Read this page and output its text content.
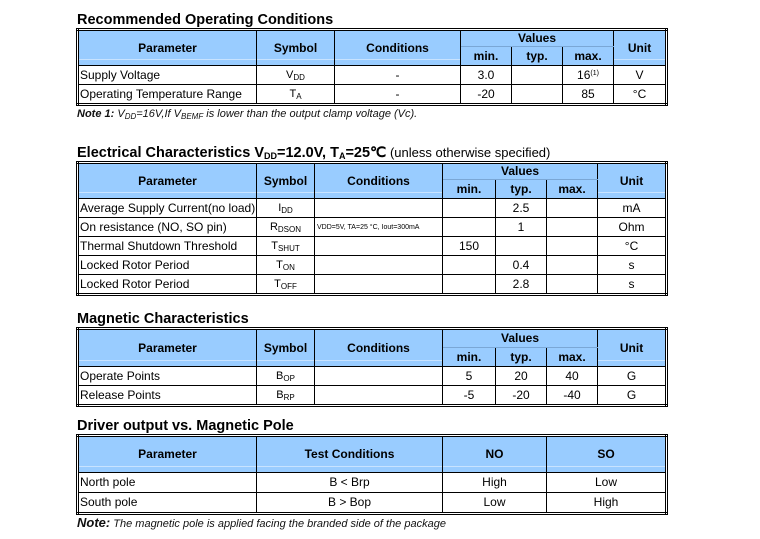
Recommended Operating Conditions
Parameter	Symbol	Conditions	Values			Unit
			min.	typ.	max.	
Supply Voltage	$V_{DD}$	-	3.0		16$^{(1)}$	V
Operating Temperature Range	$T_A$	-	-20		85	°C
Note 1: $V_{DD}=16V,If$ $V_{BEMF}$ is lower than the output clamp voltage (Vc).
Electrical Characteristics $V_{DD}=12.0V$, $T_A=25℃$ (unless otherwise specified)
Parameter	Symbol	Conditions	Values			Unit
			min.	typ.	max.	
Average Supply Current(no load)	$I_{DD}$			2.5		mA
On resistance (NO, SO pin)	$R_{DSON}$	VDD=5V, TA=25 °C, Iout=300mA		1		Ohm
Thermal Shutdown Threshold	$T_{SHUT}$		150			°C
Locked Rotor Period	$T_{ON}$			0.4		s
Locked Rotor Period	$T_{OFF}$			2.8		s
Magnetic Characteristics
Parameter	Symbol	Conditions	Values			Unit
			min.	typ.	max.	
Operate Points	$B_{OP}$		5	20	40	G
Release Points	$B_{RP}$		-5	-20	-40	G
Driver output vs. Magnetic Pole
Parameter	Test Conditions	NO	SO
North pole	B < Brp	High	Low
South pole	B > Bop	Low	High
Note: The magnetic pole is applied facing the branded side of the package
